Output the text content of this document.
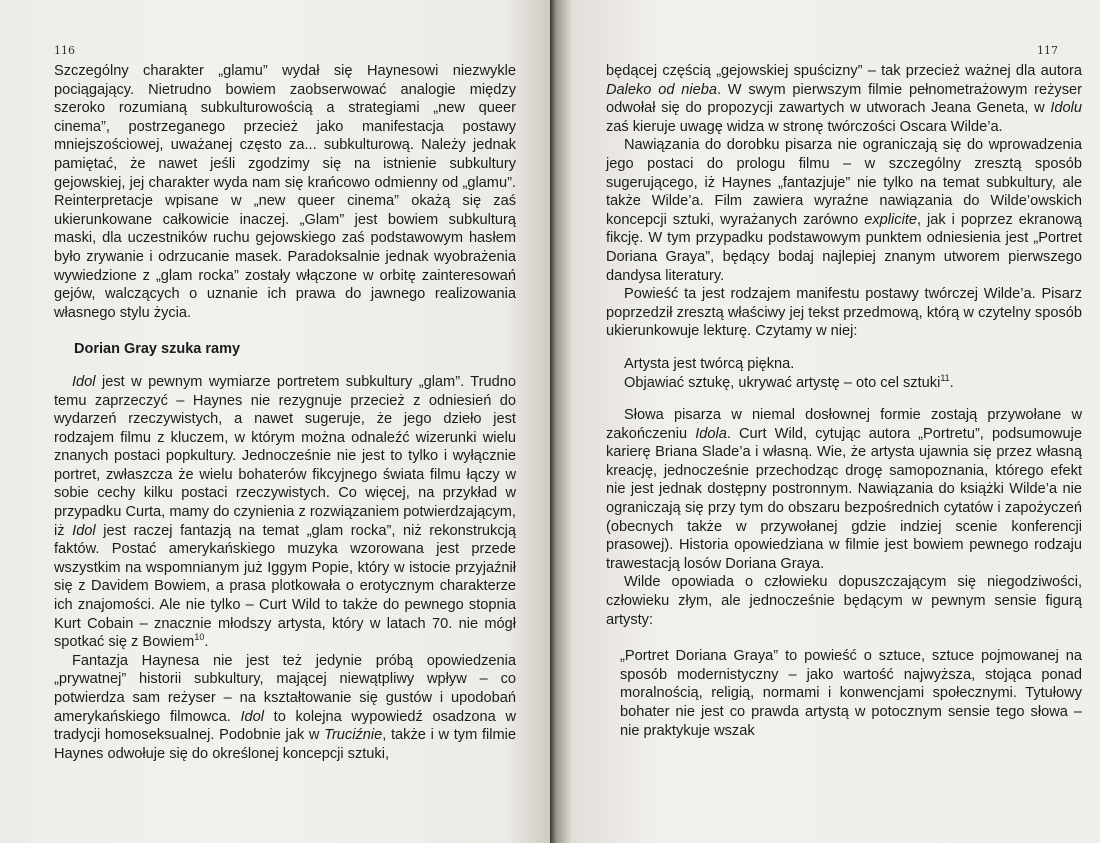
116

Szczególny charakter „glamu” wydał się Haynesowi niezwykle pociągający. Nietrudno bowiem zaobserwować analogie między szeroko rozumianą subkulturowością a strategiami „new queer cinema”, postrzeganego przecież jako manifestacja postawy mniejszościowej, uważanej często za... subkulturową. Należy jednak pamiętać, że nawet jeśli zgodzimy się na istnienie subkultury gejowskiej, jej charakter wyda nam się krańcowo odmienny od „glamu”. Reinterpretacje wpisane w „new queer cinema” okażą się zaś ukierunkowane całkowicie inaczej. „Glam” jest bowiem subkulturą maski, dla uczestników ruchu gejowskiego zaś podstawowym hasłem było zrywanie i odrzucanie masek. Paradoksalnie jednak wyobrażenia wywiedzione z „glam rocka” zostały włączone w orbitę zainteresowań gejów, walczących o uznanie ich prawa do jawnego realizowania własnego stylu życia.

Dorian Gray szuka ramy

Idol jest w pewnym wymiarze portretem subkultury „glam”. Trudno temu zaprzeczyć – Haynes nie rezygnuje przecież z odniesień do wydarzeń rzeczywistych, a nawet sugeruje, że jego dzieło jest rodzajem filmu z kluczem, w którym można odnaleźć wizerunki wielu znanych postaci popkultury. Jednocześnie nie jest to tylko i wyłącznie portret, zwłaszcza że wielu bohaterów fikcyjnego świata filmu łączy w sobie cechy kilku postaci rzeczywistych. Co więcej, na przykład w przypadku Curta, mamy do czynienia z rozwiązaniem potwierdzającym, iż Idol jest raczej fantazją na temat „glam rocka”, niż rekonstrukcją faktów. Postać amerykańskiego muzyka wzorowana jest przede wszystkim na wspomnianym już Iggym Popie, który w istocie przyjaźnił się z Davidem Bowiem, a prasa plotkowała o erotycznym charakterze ich znajomości. Ale nie tylko – Curt Wild to także do pewnego stopnia Kurt Cobain – znacznie młodszy artysta, który w latach 70. nie mógł spotkać się z Bowiem$^{10}$.

Fantazja Haynesa nie jest też jedynie próbą opowiedzenia „prywatnej” historii subkultury, mającej niewątpliwy wpływ – co potwierdza sam reżyser – na kształtowanie się gustów i upodobań amerykańskiego filmowca. Idol to kolejna wypowiedź osadzona w tradycji homoseksualnej. Podobnie jak w Truciźnie, także i w tym filmie Haynes odwołuje się do określonej koncepcji sztuki,

117

będącej częścią „gejowskiej spuścizny” – tak przecież ważnej dla autora Daleko od nieba. W swym pierwszym filmie pełnometrażowym reżyser odwołał się do propozycji zawartych w utworach Jeana Geneta, w Idolu zaś kieruje uwagę widza w stronę twórczości Oscara Wilde’a.

Nawiązania do dorobku pisarza nie ograniczają się do wprowadzenia jego postaci do prologu filmu – w szczególny zresztą sposób sugerującego, iż Haynes „fantazjuje” nie tylko na temat subkultury, ale także Wilde’a. Film zawiera wyraźne nawiązania do Wilde’owskich koncepcji sztuki, wyrażanych zarówno explicite, jak i poprzez ekranową fikcję. W tym przypadku podstawowym punktem odniesienia jest „Portret Doriana Graya”, będący bodaj najlepiej znanym utworem pierwszego dandysa literatury.

Powieść ta jest rodzajem manifestu postawy twórczej Wilde’a. Pisarz poprzedził zresztą właściwy jej tekst przedmową, którą w czytelny sposób ukierunkowuje lekturę. Czytamy w niej:

Artysta jest twórcą piękna.

Objawiać sztukę, ukrywać artystę – oto cel sztuki$^{11}$.

Słowa pisarza w niemal dosłownej formie zostają przywołane w zakończeniu Idola. Curt Wild, cytując autora „Portretu”, podsumowuje karierę Briana Slade’a i własną. Wie, że artysta ujawnia się przez własną kreację, jednocześnie przechodząc drogę samopoznania, którego efekt nie jest jednak dostępny postronnym. Nawiązania do książki Wilde’a nie ograniczają się przy tym do obszaru bezpośrednich cytatów i zapożyczeń (obecnych także w przywołanej gdzie indziej scenie konferencji prasowej). Historia opowiedziana w filmie jest bowiem pewnego rodzaju trawestacją losów Doriana Graya.

Wilde opowiada o człowieku dopuszczającym się niegodziwości, człowieku złym, ale jednocześnie będącym w pewnym sensie figurą artysty:

„Portret Doriana Graya” to powieść o sztuce, sztuce pojmowanej na sposób modernistyczny – jako wartość najwyższa, stojąca ponad moralnością, religią, normami i konwencjami społecznymi. Tytułowy bohater nie jest co prawda artystą w potocznym sensie tego słowa – nie praktykuje wszak
